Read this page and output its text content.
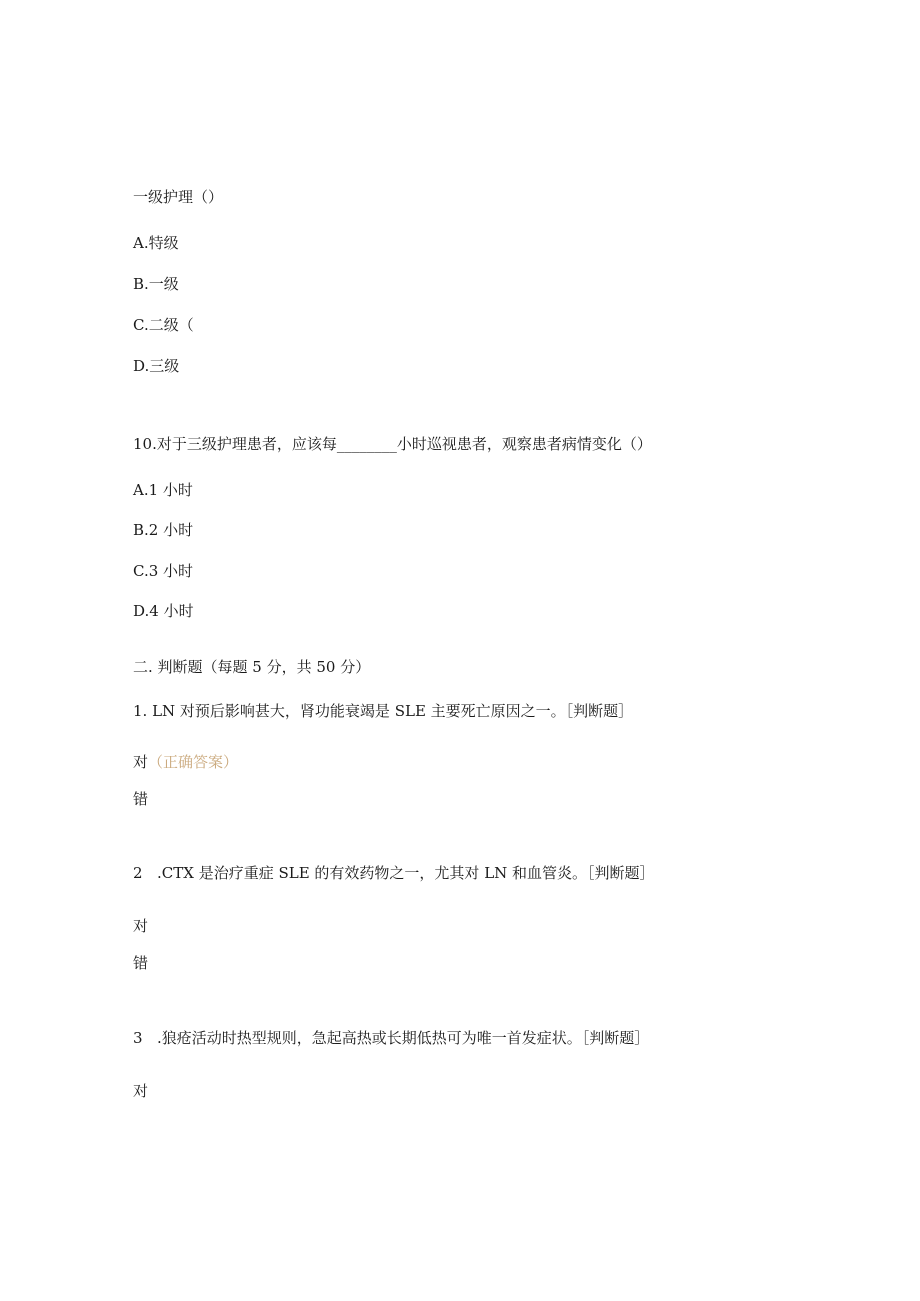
一级护理（）
A.特级
B.一级
C.二级（
D.三级
10.对于三级护理患者，应该每________小时巡视患者，观察患者病情变化（）
A.1 小时
B.2 小时
C.3 小时
D.4 小时
二. 判断题（每题 5 分，共 50 分）
1. LN 对预后影响甚大，肾功能衰竭是 SLE 主要死亡原因之一。［判断题］
对（正确答案）
错
2 .CTX 是治疗重症 SLE 的有效药物之一，尤其对 LN 和血管炎。［判断题］
对
错
3 .狼疮活动时热型规则，急起高热或长期低热可为唯一首发症状。［判断题］
对
